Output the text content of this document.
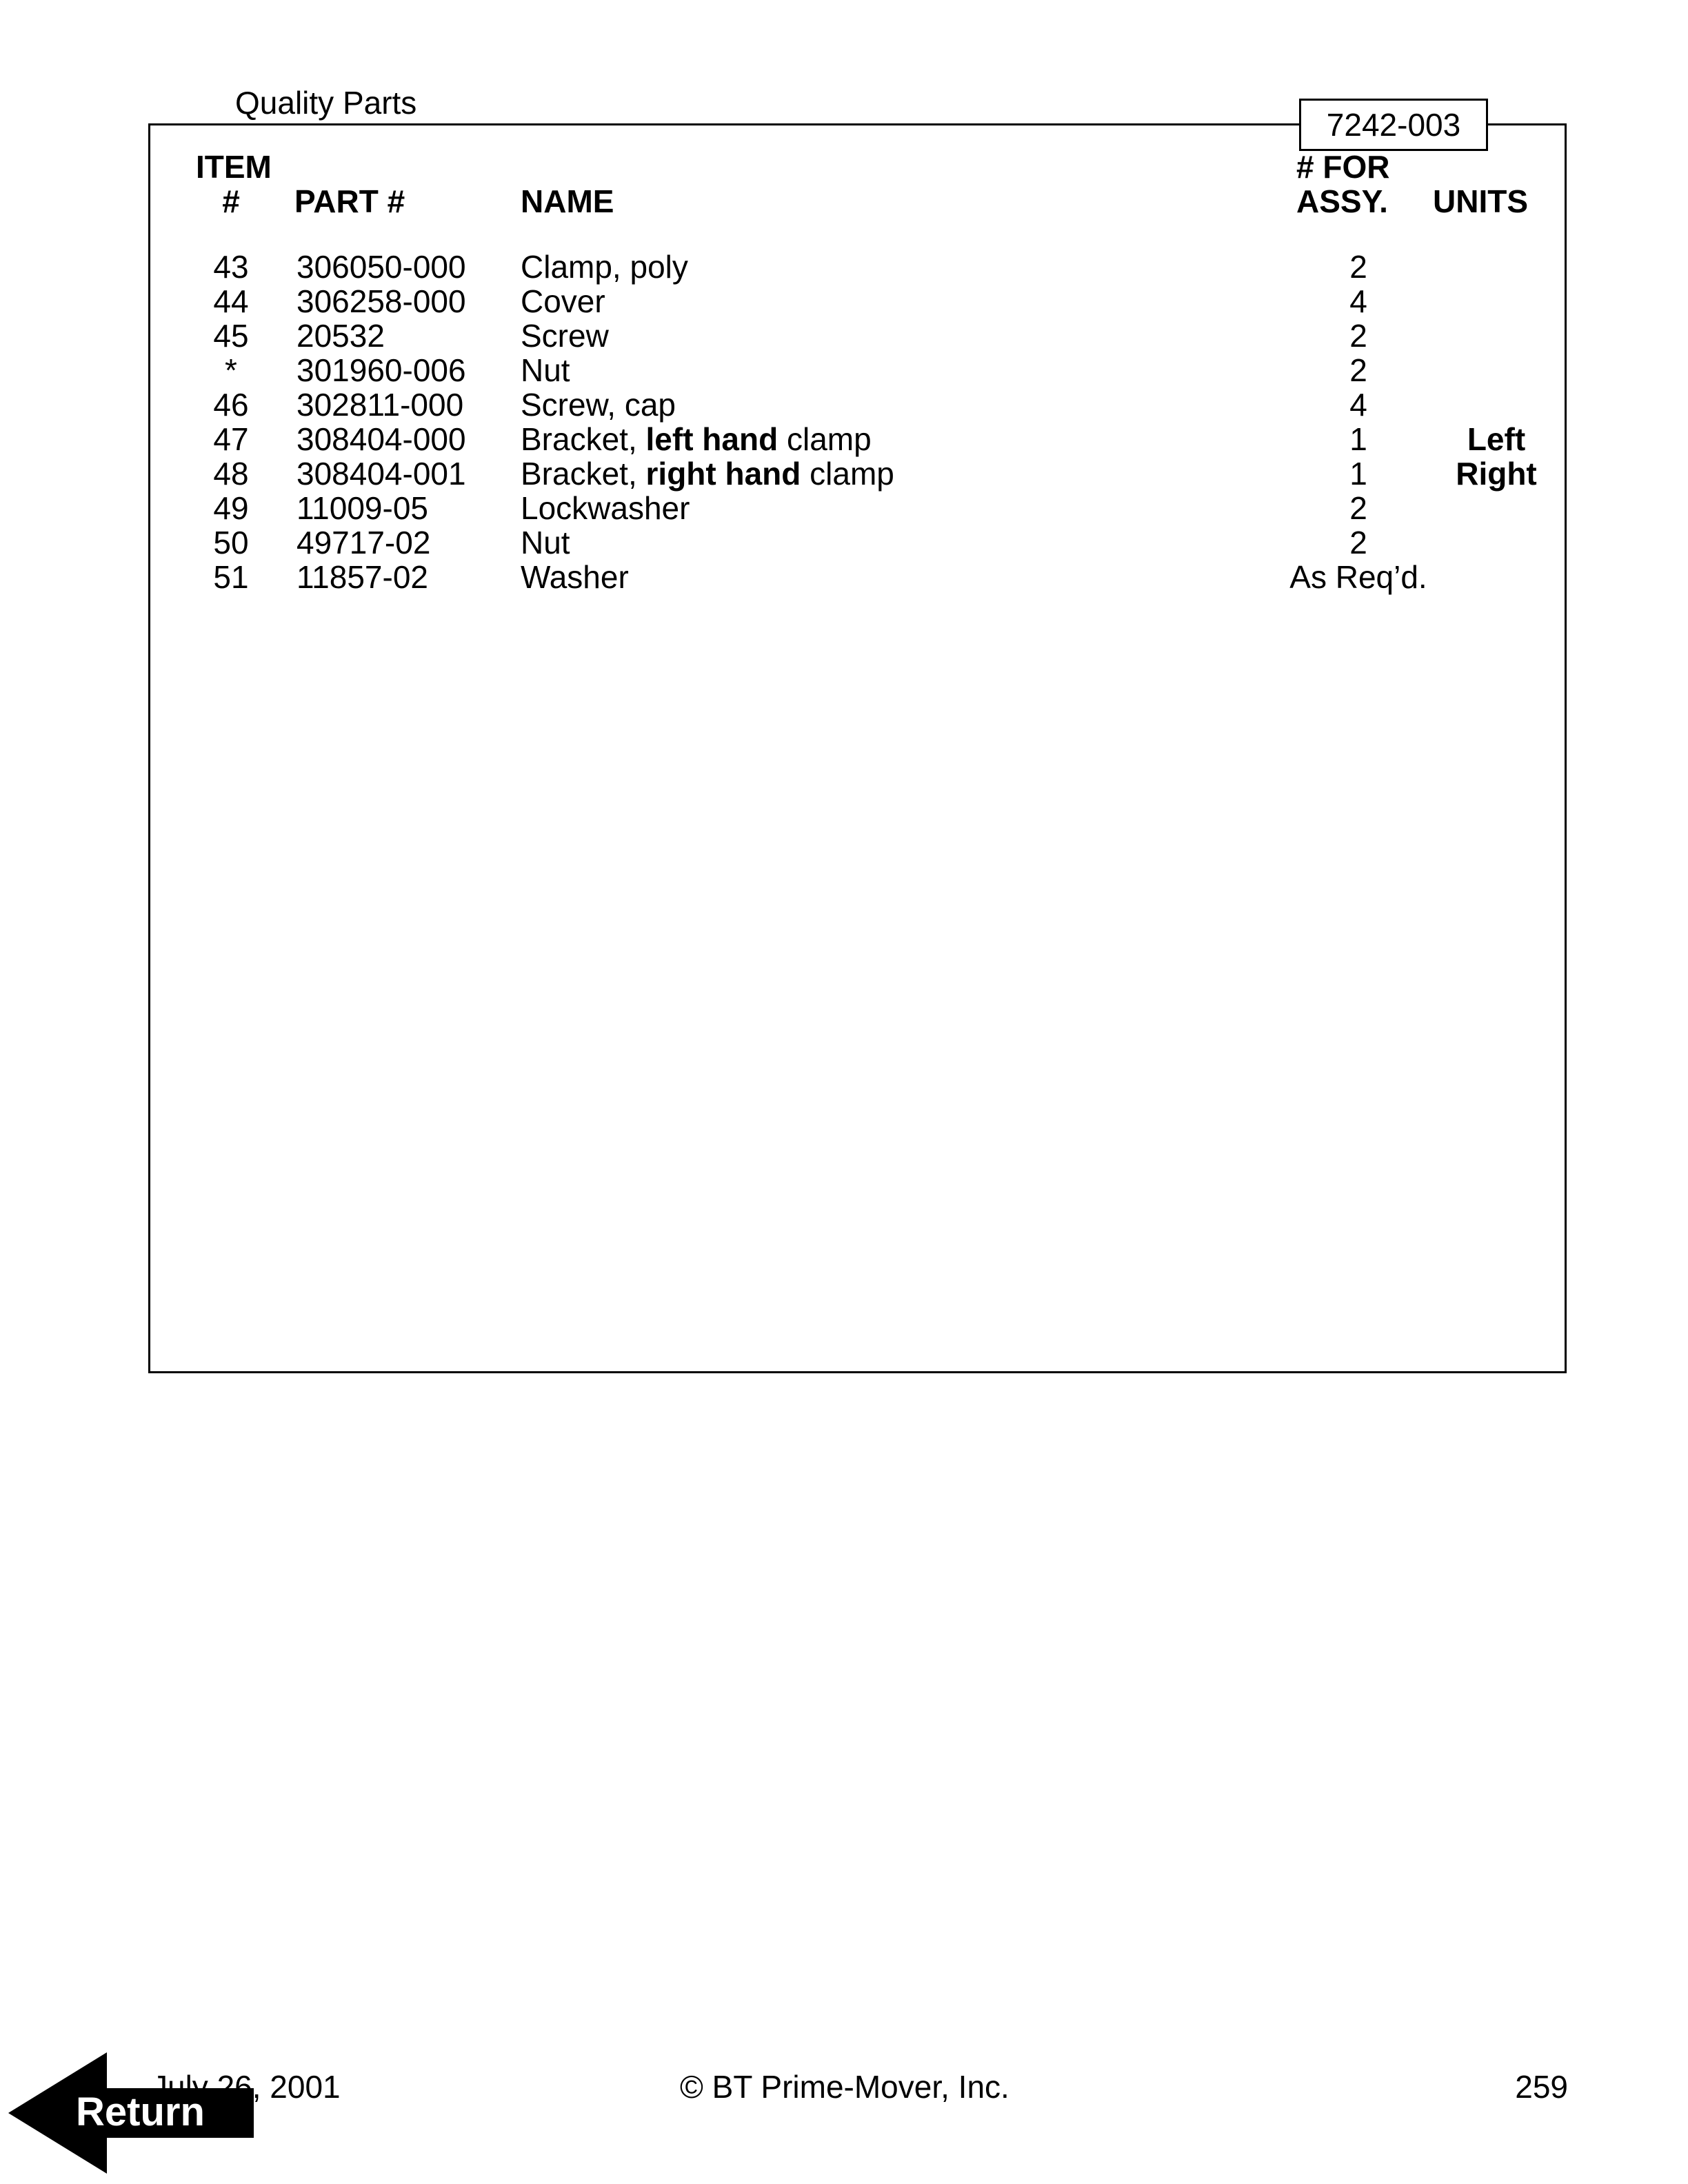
Quality Parts
7242-003
ITEM
#	PART #	NAME
# FOR
ASSY. UNITS
43	306050-000 Clamp, poly	2
44	306258-000 Cover	4
45	20532	Screw	2
*	301960-006 Nut	2
46	302811-000 Screw, cap	4
47	308404-000 Bracket, left hand clamp	1	Left
48	308404-001 Bracket, right hand clamp	1	Right
49	11009-05	Lockwasher	2
50	49717-02	Nut	2
51	11857-02	Washer	As Req’d.
July 26, 2001	© BT Prime-Mover, Inc.	259
Return
